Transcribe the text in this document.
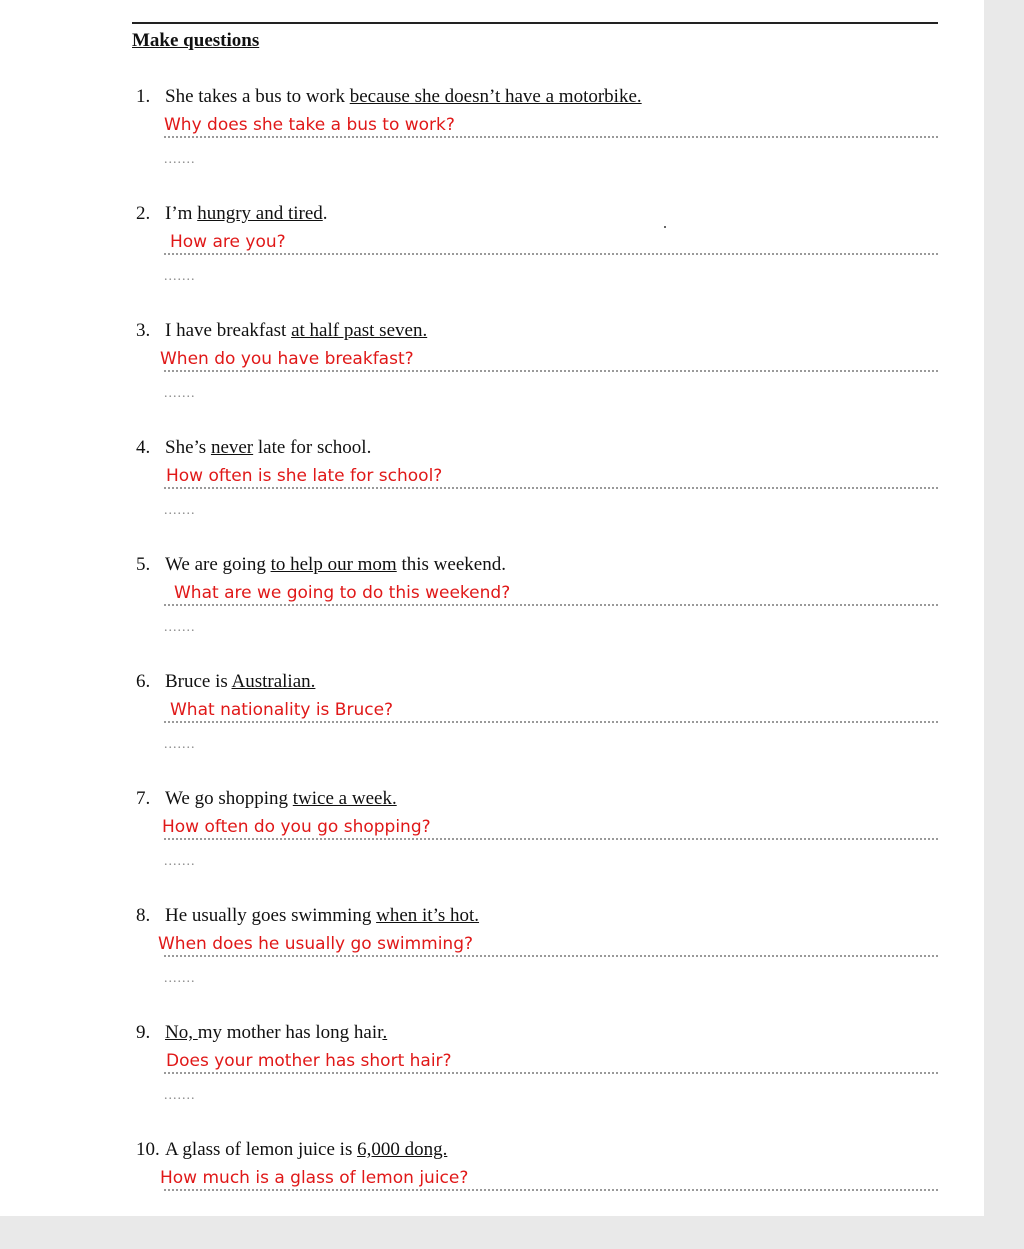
Make questions
1. She takes a bus to work because she doesn’t have a motorbike.
Why does she take a bus to work?
.......
2. I’m hungry and tired.
How are you?
.......
3. I have breakfast at half past seven.
When do you have breakfast?
.......
4. She’s never late for school.
How often is she late for school?
.......
5. We are going to help our mom this weekend.
What are we going to do this weekend?
.......
6. Bruce is Australian.
What nationality is Bruce?
.......
7. We go shopping twice a week.
How often do you go shopping?
.......
8. He usually goes swimming when it’s hot.
When does he usually go swimming?
.......
9. No, my mother has long hair.
Does your mother has short hair?
.......
10. A glass of lemon juice is 6,000 dong.
How much is a glass of lemon juice?
